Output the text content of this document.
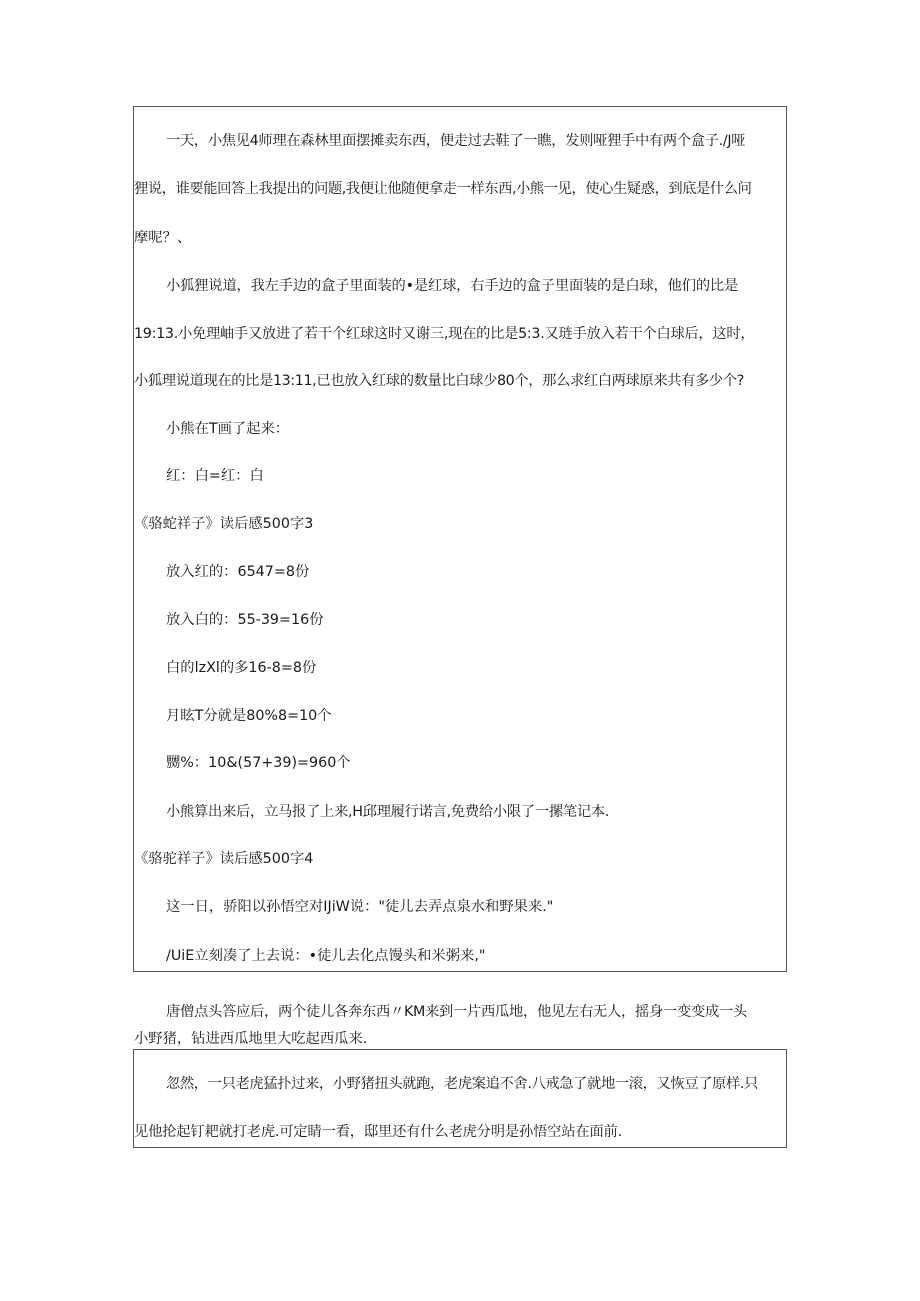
一天，小焦见4师理在森林里面摆摊卖东西，便走过去鞋了一瞧，发则哑狸手中有两个盒子./J哑
狸说，谁要能回答上我提出的问题,我便让他随便拿走一样东西,小熊一见，使心生疑惑，到底是什么问
摩呢？、
小狐狸说道，我左手边的盒子里面装的•是红球，右手边的盒子里面装的是白球，他们的比是
19:13.小免理岫手又放进了若干个红球这时又谢三,现在的比是5:3.又琏手放入若干个白球后，这时，
小狐理说道现在的比是13:11,已也放入红球的数量比白球少80个，那么求红白两球原来共有多少个?
小熊在T画了起来：
红：白=红：白
《骆蛇祥子》读后感500字3
放入红的：6547=8份
放入白的：55-39=16份
白的lzXl的多16-8=8份
月眩T分就是80%8=10个
嬲%：10&(57+39)=960个
小熊算出来后，立马报了上来,H邱理履行诺言,免费给小限了一摞笔记本.
《骆驼祥子》读后感500字4
这一日，骄阳以孙悟空对IJiW说："徒儿去弄点泉水和野果来."
/UiE立刻凑了上去说：•徒儿去化点馒头和米粥来,"
唐僧点头答应后，两个徒儿各奔东西〃KM来到一片西瓜地，他见左右无人，摇身一变变成一头
小野猪，钻进西瓜地里大吃起西瓜来.
忽然，一只老虎猛扑过来，小野猪扭头就跑，老虎案追不舍.八戒急了就地一滚，又恢豆了原样.只
见他抡起钉耙就打老虎.可定睛一看，邸里还有什么老虎分明是孙悟空站在面前.
